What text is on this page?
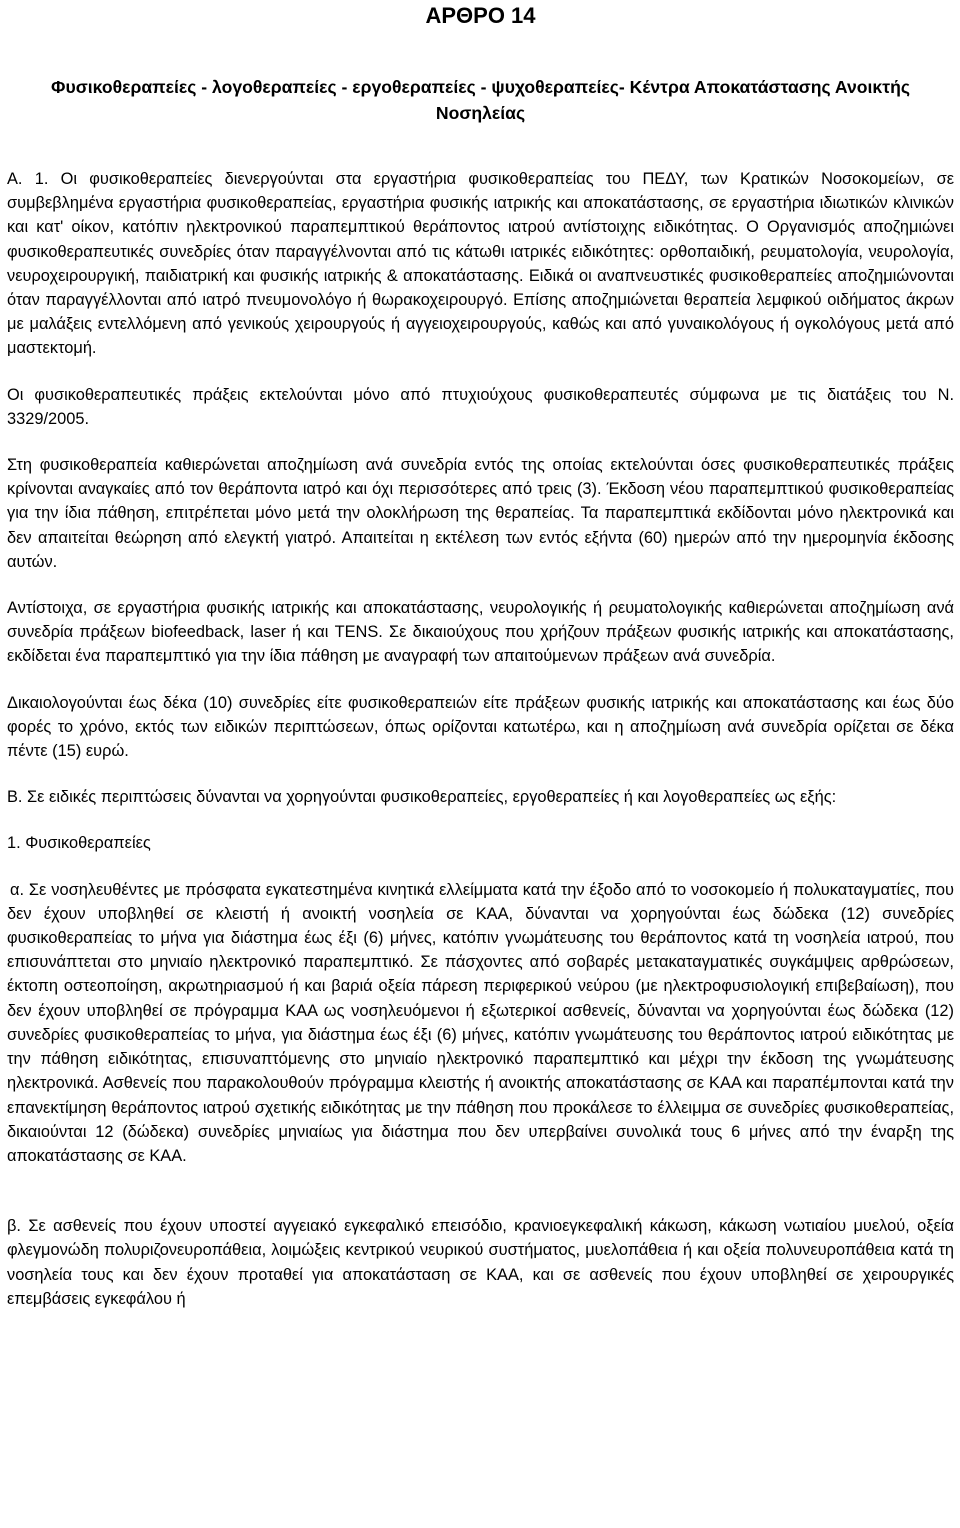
ΑΡΘΡΟ 14
Φυσικοθεραπείες - λογοθεραπείες - εργοθεραπείες - ψυχοθεραπείες- Κέντρα Αποκατάστασης Ανοικτής Νοσηλείας

Α. 1. Οι φυσικοθεραπείες διενεργούνται στα εργαστήρια φυσικοθεραπείας του ΠΕΔΥ, των Κρατικών Νοσοκομείων, σε συμβεβλημένα εργαστήρια φυσικοθεραπείας, εργαστήρια φυσικής ιατρικής και αποκατάστασης, σε εργαστήρια ιδιωτικών κλινικών και κατ' οίκον, κατόπιν ηλεκτρονικού παραπεμπτικού θεράποντος ιατρού αντίστοιχης ειδικότητας. Ο Οργανισμός αποζημιώνει φυσικοθεραπευτικές συνεδρίες όταν παραγγέλνονται από τις κάτωθι ιατρικές ειδικότητες: ορθοπαιδική, ρευματολογία, νευρολογία, νευροχειρουργική, παιδιατρική και φυσικής ιατρικής & αποκατάστασης. Ειδικά οι αναπνευστικές φυσικοθεραπείες αποζημιώνονται όταν παραγγέλλονται από ιατρό πνευμονολόγο ή θωρακοχειρουργό. Επίσης αποζημιώνεται θεραπεία λεμφικού οιδήματος άκρων με μαλάξεις εντελλόμενη από γενικούς χειρουργούς ή αγγειοχειρουργούς, καθώς και από γυναικολόγους ή ογκολόγους μετά από μαστεκτομή.

Οι φυσικοθεραπευτικές πράξεις εκτελούνται μόνο από πτυχιούχους φυσικοθεραπευτές σύμφωνα με τις διατάξεις του Ν. 3329/2005.

Στη φυσικοθεραπεία καθιερώνεται αποζημίωση ανά συνεδρία εντός της οποίας εκτελούνται όσες φυσικοθεραπευτικές πράξεις κρίνονται αναγκαίες από τον θεράποντα ιατρό και όχι περισσότερες από τρεις (3). Έκδοση νέου παραπεμπτικού φυσικοθεραπείας για την ίδια πάθηση, επιτρέπεται μόνο μετά την ολοκλήρωση της θεραπείας. Τα παραπεμπτικά εκδίδονται μόνο ηλεκτρονικά και δεν απαιτείται θεώρηση από ελεγκτή γιατρό. Απαιτείται η εκτέλεση των εντός εξήντα (60) ημερών από την ημερομηνία έκδοσης αυτών.

Αντίστοιχα, σε εργαστήρια φυσικής ιατρικής και αποκατάστασης, νευρολογικής ή ρευματολογικής καθιερώνεται αποζημίωση ανά συνεδρία πράξεων biofeedback, laser ή και TENS. Σε δικαιούχους που χρήζουν πράξεων φυσικής ιατρικής και αποκατάστασης, εκδίδεται ένα παραπεμπτικό για την ίδια πάθηση με αναγραφή των απαιτούμενων πράξεων ανά συνεδρία.

Δικαιολογούνται έως δέκα (10) συνεδρίες είτε φυσικοθεραπειών είτε πράξεων φυσικής ιατρικής και αποκατάστασης και έως δύο φορές το χρόνο, εκτός των ειδικών περιπτώσεων, όπως ορίζονται κατωτέρω, και η αποζημίωση ανά συνεδρία ορίζεται σε δέκα πέντε (15) ευρώ.

Β. Σε ειδικές περιπτώσεις δύνανται να χορηγούνται φυσικοθεραπείες, εργοθεραπείες ή και λογοθεραπείες ως εξής:

1. Φυσικοθεραπείες

α. Σε νοσηλευθέντες με πρόσφατα εγκατεστημένα κινητικά ελλείμματα κατά την έξοδο από το νοσοκομείο ή πολυκαταγματίες, που δεν έχουν υποβληθεί σε κλειστή ή ανοικτή νοσηλεία σε ΚΑΑ, δύνανται να χορηγούνται έως δώδεκα (12) συνεδρίες φυσικοθεραπείας το μήνα για διάστημα έως έξι (6) μήνες, κατόπιν γνωμάτευσης του θεράποντος κατά τη νοσηλεία ιατρού, που επισυνάπτεται στο μηνιαίο ηλεκτρονικό παραπεμπτικό. Σε πάσχοντες από σοβαρές μετακαταγματικές συγκάμψεις αρθρώσεων, έκτοπη οστεοποίηση, ακρωτηριασμού ή και βαριά οξεία πάρεση περιφερικού νεύρου (με ηλεκτροφυσιολογική επιβεβαίωση), που δεν έχουν υποβληθεί σε πρόγραμμα ΚΑΑ ως νοσηλευόμενοι ή εξωτερικοί ασθενείς, δύνανται να χορηγούνται έως δώδεκα (12) συνεδρίες φυσικοθεραπείας το μήνα, για διάστημα έως έξι (6) μήνες, κατόπιν γνωμάτευσης του θεράποντος ιατρού ειδικότητας με την πάθηση ειδικότητας, επισυναπτόμενης στο μηνιαίο ηλεκτρονικό παραπεμπτικό και μέχρι την έκδοση της γνωμάτευσης ηλεκτρονικά. Ασθενείς που παρακολουθούν πρόγραμμα κλειστής ή ανοικτής αποκατάστασης σε ΚΑΑ και παραπέμπονται κατά την επανεκτίμηση θεράποντος ιατρού σχετικής ειδικότητας με την πάθηση που προκάλεσε το έλλειμμα σε συνεδρίες φυσικοθεραπείας, δικαιούνται 12 (δώδεκα) συνεδρίες μηνιαίως για διάστημα που δεν υπερβαίνει συνολικά τους 6 μήνες από την έναρξη της αποκατάστασης σε ΚΑΑ.

β. Σε ασθενείς που έχουν υποστεί αγγειακό εγκεφαλικό επεισόδιο, κρανιοεγκεφαλική κάκωση, κάκωση νωτιαίου μυελού, οξεία φλεγμονώδη πολυριζονευροπάθεια, λοιμώξεις κεντρικού νευρικού συστήματος, μυελοπάθεια ή και οξεία πολυνευροπάθεια κατά τη νοσηλεία τους και δεν έχουν προταθεί για αποκατάσταση σε ΚΑΑ, και σε ασθενείς που έχουν υποβληθεί σε χειρουργικές επεμβάσεις εγκεφάλου ή
